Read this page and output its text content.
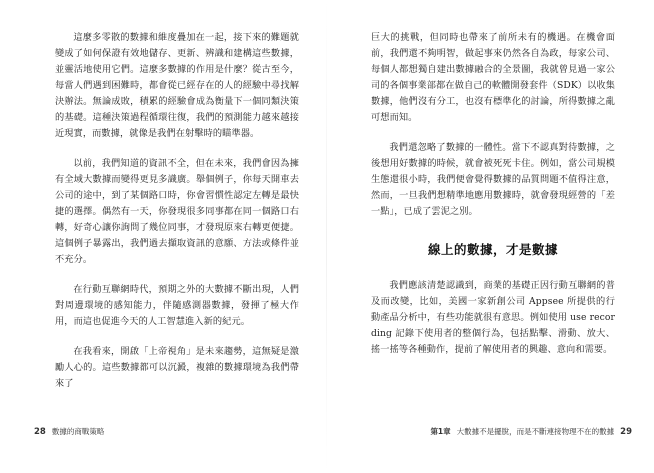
這麼多零散的數據和維度疊加在一起，接下來的難題就變成了如何保證有效地儲存、更新、辨識和建構這些數據，並靈活地使用它們。這麼多數據的作用是什麼？從古至今，每當人們遇到困難時，都會從已經存在的人的經驗中尋找解決辦法。無論成敗，積累的經驗會成為衡量下一個同類決策的基礎。這種決策過程循環往復，我們的預測能力越來越接近現實，而數據，就像是我們在射擊時的瞄準器。

以前，我們知道的資訊不全，但在未來，我們會因為擁有全域大數據而變得更見多識廣。舉個例子，你每天開車去公司的途中，到了某個路口時，你會習慣性認定左轉是最快捷的選擇。偶然有一天，你發現很多同事都在同一個路口右轉，好奇心讓你詢問了幾位同事，才發現原來右轉更便捷。這個例子暴露出，我們過去擷取資訊的意願、方法或條件並不充分。

在行動互聯網時代，預期之外的大數據不斷出現，人們對周邊環境的感知能力，伴隨感測器數據，發揮了極大作用，而這也促進今天的人工智慧進入新的紀元。

在我看來，開啟「上帝視角」是未來趨勢，這無疑是激勵人心的。這些數據都可以沉澱，複雜的數據環境為我們帶來了

28 數據的商戰策略

巨大的挑戰，但同時也帶來了前所未有的機遇。在機會面前，我們還不夠明智，做起事來仍然各自為政，每家公司、每個人都想獨自建出數據融合的全景圖，我就曾見過一家公司的各個事業部都在做自己的軟體開發套件（SDK）以收集數據，他們沒有分工，也沒有標準化的討論，所得數據之亂可想而知。

我們還忽略了數據的一體性。當下不認真對待數據，之後想用好數據的時候，就會被死死卡住。例如，當公司規模生態還很小時，我們便會覺得數據的品質問題不值得注意，然而，一旦我們想精準地應用數據時，就會發現經營的「差一點」，已成了雲泥之別。

線上的數據，才是數據

我們應該清楚認識到，商業的基礎正因行動互聯網的普及而改變，比如，美國一家新創公司 Appsee 所提供的行動產品分析中，有些功能就很有意思。例如使用 use recording 記錄下使用者的整個行為，包括點擊、滑動、放大、搖一搖等各種動作，提前了解使用者的興趣、意向和需要。

第1章 大數據不是擺脫，而是不斷連接物理不在的數據 29
